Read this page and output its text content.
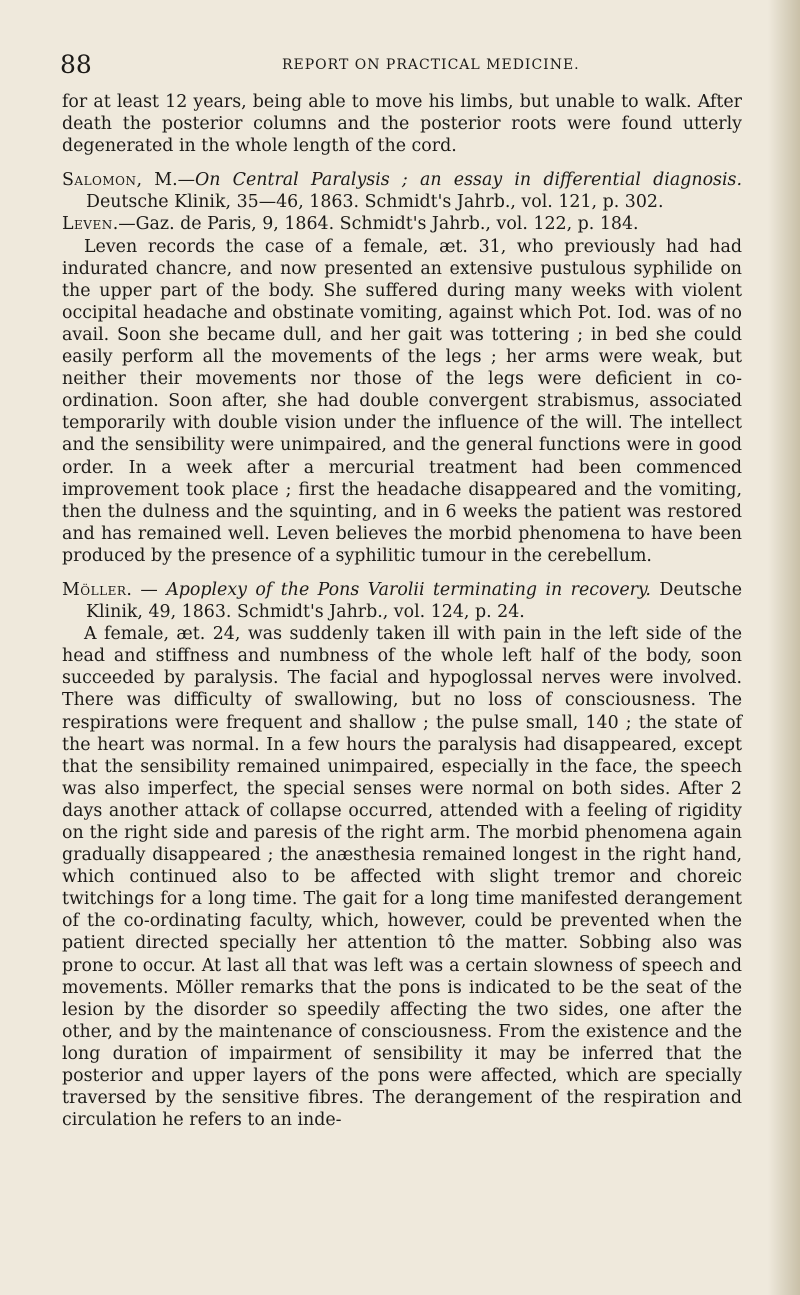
88	REPORT ON PRACTICAL MEDICINE.

for at least 12 years, being able to move his limbs, but unable to walk. After death the posterior columns and the posterior roots were found utterly degenerated in the whole length of the cord.

Salomon, M.—On Central Paralysis ; an essay in differential diagnosis. Deutsche Klinik, 35—46, 1863. Schmidt's Jahrb., vol. 121, p. 302.

Leven.—Gaz. de Paris, 9, 1864. Schmidt's Jahrb., vol. 122, p. 184.

Leven records the case of a female, æt. 31, who previously had had indurated chancre, and now presented an extensive pustulous syphilide on the upper part of the body. She suffered during many weeks with violent occipital headache and obstinate vomiting, against which Pot. Iod. was of no avail. Soon she became dull, and her gait was tottering ; in bed she could easily perform all the movements of the legs ; her arms were weak, but neither their movements nor those of the legs were deficient in co-ordination. Soon after, she had double convergent strabismus, associated temporarily with double vision under the influence of the will. The intellect and the sensibility were unimpaired, and the general functions were in good order. In a week after a mercurial treatment had been commenced improvement took place ; first the headache disappeared and the vomiting, then the dulness and the squinting, and in 6 weeks the patient was restored and has remained well. Leven believes the morbid phenomena to have been produced by the presence of a syphilitic tumour in the cerebellum.

Möller. — Apoplexy of the Pons Varolii terminating in recovery. Deutsche Klinik, 49, 1863. Schmidt's Jahrb., vol. 124, p. 24.

A female, æt. 24, was suddenly taken ill with pain in the left side of the head and stiffness and numbness of the whole left half of the body, soon succeeded by paralysis. The facial and hypoglossal nerves were involved. There was difficulty of swallowing, but no loss of consciousness. The respirations were frequent and shallow ; the pulse small, 140 ; the state of the heart was normal. In a few hours the paralysis had disappeared, except that the sensibility remained unimpaired, especially in the face, the speech was also imperfect, the special senses were normal on both sides. After 2 days another attack of collapse occurred, attended with a feeling of rigidity on the right side and paresis of the right arm. The morbid phenomena again gradually disappeared ; the anæsthesia remained longest in the right hand, which continued also to be affected with slight tremor and choreic twitchings for a long time. The gait for a long time manifested derangement of the co-ordinating faculty, which, however, could be prevented when the patient directed specially her attention tô the matter. Sobbing also was prone to occur. At last all that was left was a certain slowness of speech and movements. Möller remarks that the pons is indicated to be the seat of the lesion by the disorder so speedily affecting the two sides, one after the other, and by the maintenance of consciousness. From the existence and the long duration of impairment of sensibility it may be inferred that the posterior and upper layers of the pons were affected, which are specially traversed by the sensitive fibres. The derangement of the respiration and circulation he refers to an inde-
